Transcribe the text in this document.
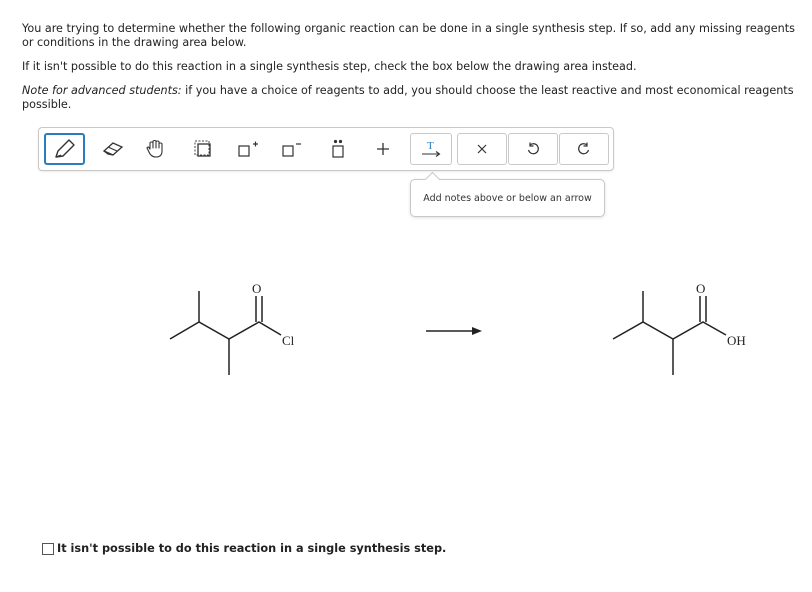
You are trying to determine whether the following organic reaction can be done in a single synthesis step. If so, add any missing reagents or conditions in the drawing area below.

If it isn't possible to do this reaction in a single synthesis step, check the box below the drawing area instead.

Note for advanced students: if you have a choice of reagents to add, you should choose the least reactive and most economical reagents possible.

T
Add notes above or below an arrow
O
Cl
O
OH
It isn't possible to do this reaction in a single synthesis step.
